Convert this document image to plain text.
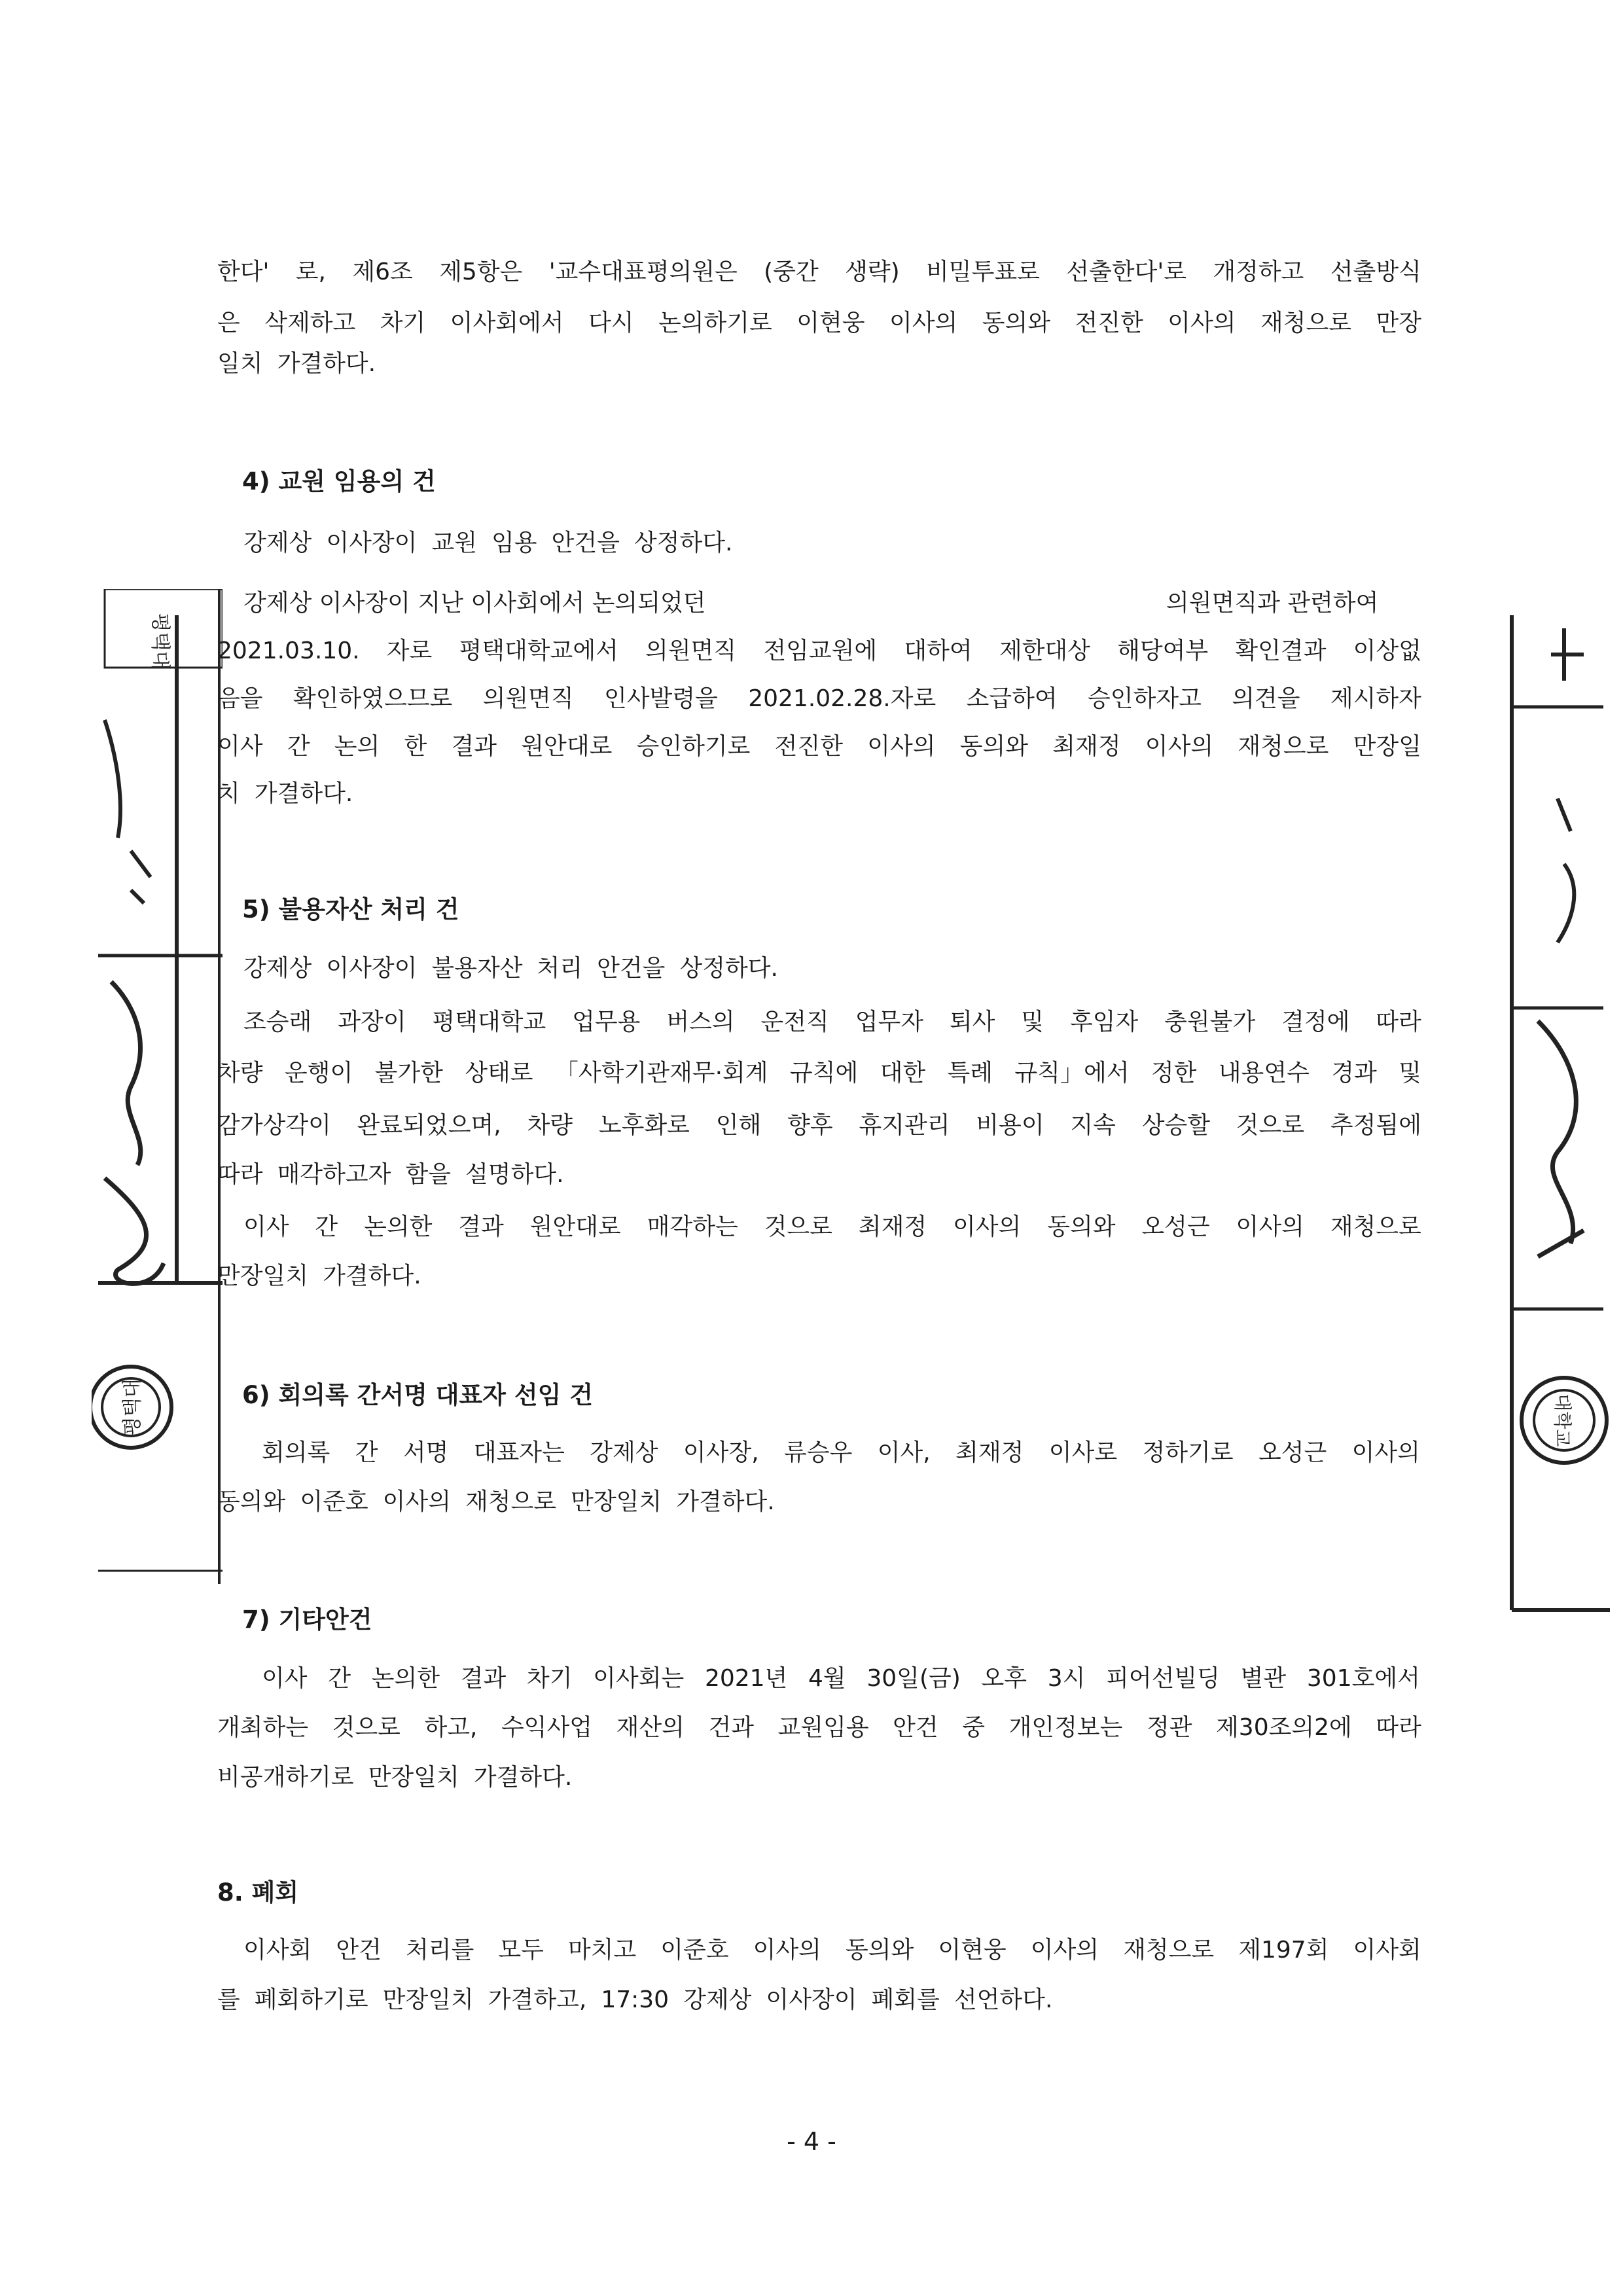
한다' 로, 제6조 제5항은 '교수대표평의원은 (중간 생략) 비밀투표로 선출한다'로 개정하고 선출방식
은 삭제하고 차기 이사회에서 다시 논의하기로 이현웅 이사의 동의와 전진한 이사의 재청으로 만장
일치 가결하다.
4) 교원 임용의 건
강제상 이사장이 교원 임용 안건을 상정하다.
강제상 이사장이 지난 이사회에서 논의되었던	의원면직과 관련하여
2021.03.10. 자로 평택대학교에서 의원면직 전임교원에 대하여 제한대상 해당여부 확인결과 이상없
음을 확인하였으므로 의원면직 인사발령을 2021.02.28.자로 소급하여 승인하자고 의견을 제시하자
이사 간 논의 한 결과 원안대로 승인하기로 전진한 이사의 동의와 최재정 이사의 재청으로 만장일
치 가결하다.
5) 불용자산 처리 건
강제상 이사장이 불용자산 처리 안건을 상정하다.
조승래 과장이 평택대학교 업무용 버스의 운전직 업무자 퇴사 및 후임자 충원불가 결정에 따라
차량 운행이 불가한 상태로 「사학기관재무·회계 규칙에 대한 특례 규칙」에서 정한 내용연수 경과 및
감가상각이 완료되었으며, 차량 노후화로 인해 향후 휴지관리 비용이 지속 상승할 것으로 추정됨에
따라 매각하고자 함을 설명하다.
이사 간 논의한 결과 원안대로 매각하는 것으로 최재정 이사의 동의와 오성근 이사의 재청으로
만장일치 가결하다.
6) 회의록 간서명 대표자 선임 건
회의록 간 서명 대표자는 강제상 이사장, 류승우 이사, 최재정 이사로 정하기로 오성근 이사의
동의와 이준호 이사의 재청으로 만장일치 가결하다.
7) 기타안건
이사 간 논의한 결과 차기 이사회는 2021년 4월 30일(금) 오후 3시 피어선빌딩 별관 301호에서
개최하는 것으로 하고, 수익사업 재산의 건과 교원임용 안건 중 개인정보는 정관 제30조의2에 따라
비공개하기로 만장일치 가결하다.
8. 폐회
이사회 안건 처리를 모두 마치고 이준호 이사의 동의와 이현웅 이사의 재청으로 제197회 이사회
를 폐회하기로 만장일치 가결하고, 17:30 강제상 이사장이 폐회를 선언하다.
- 4 -
평택대
평택대	대학교
